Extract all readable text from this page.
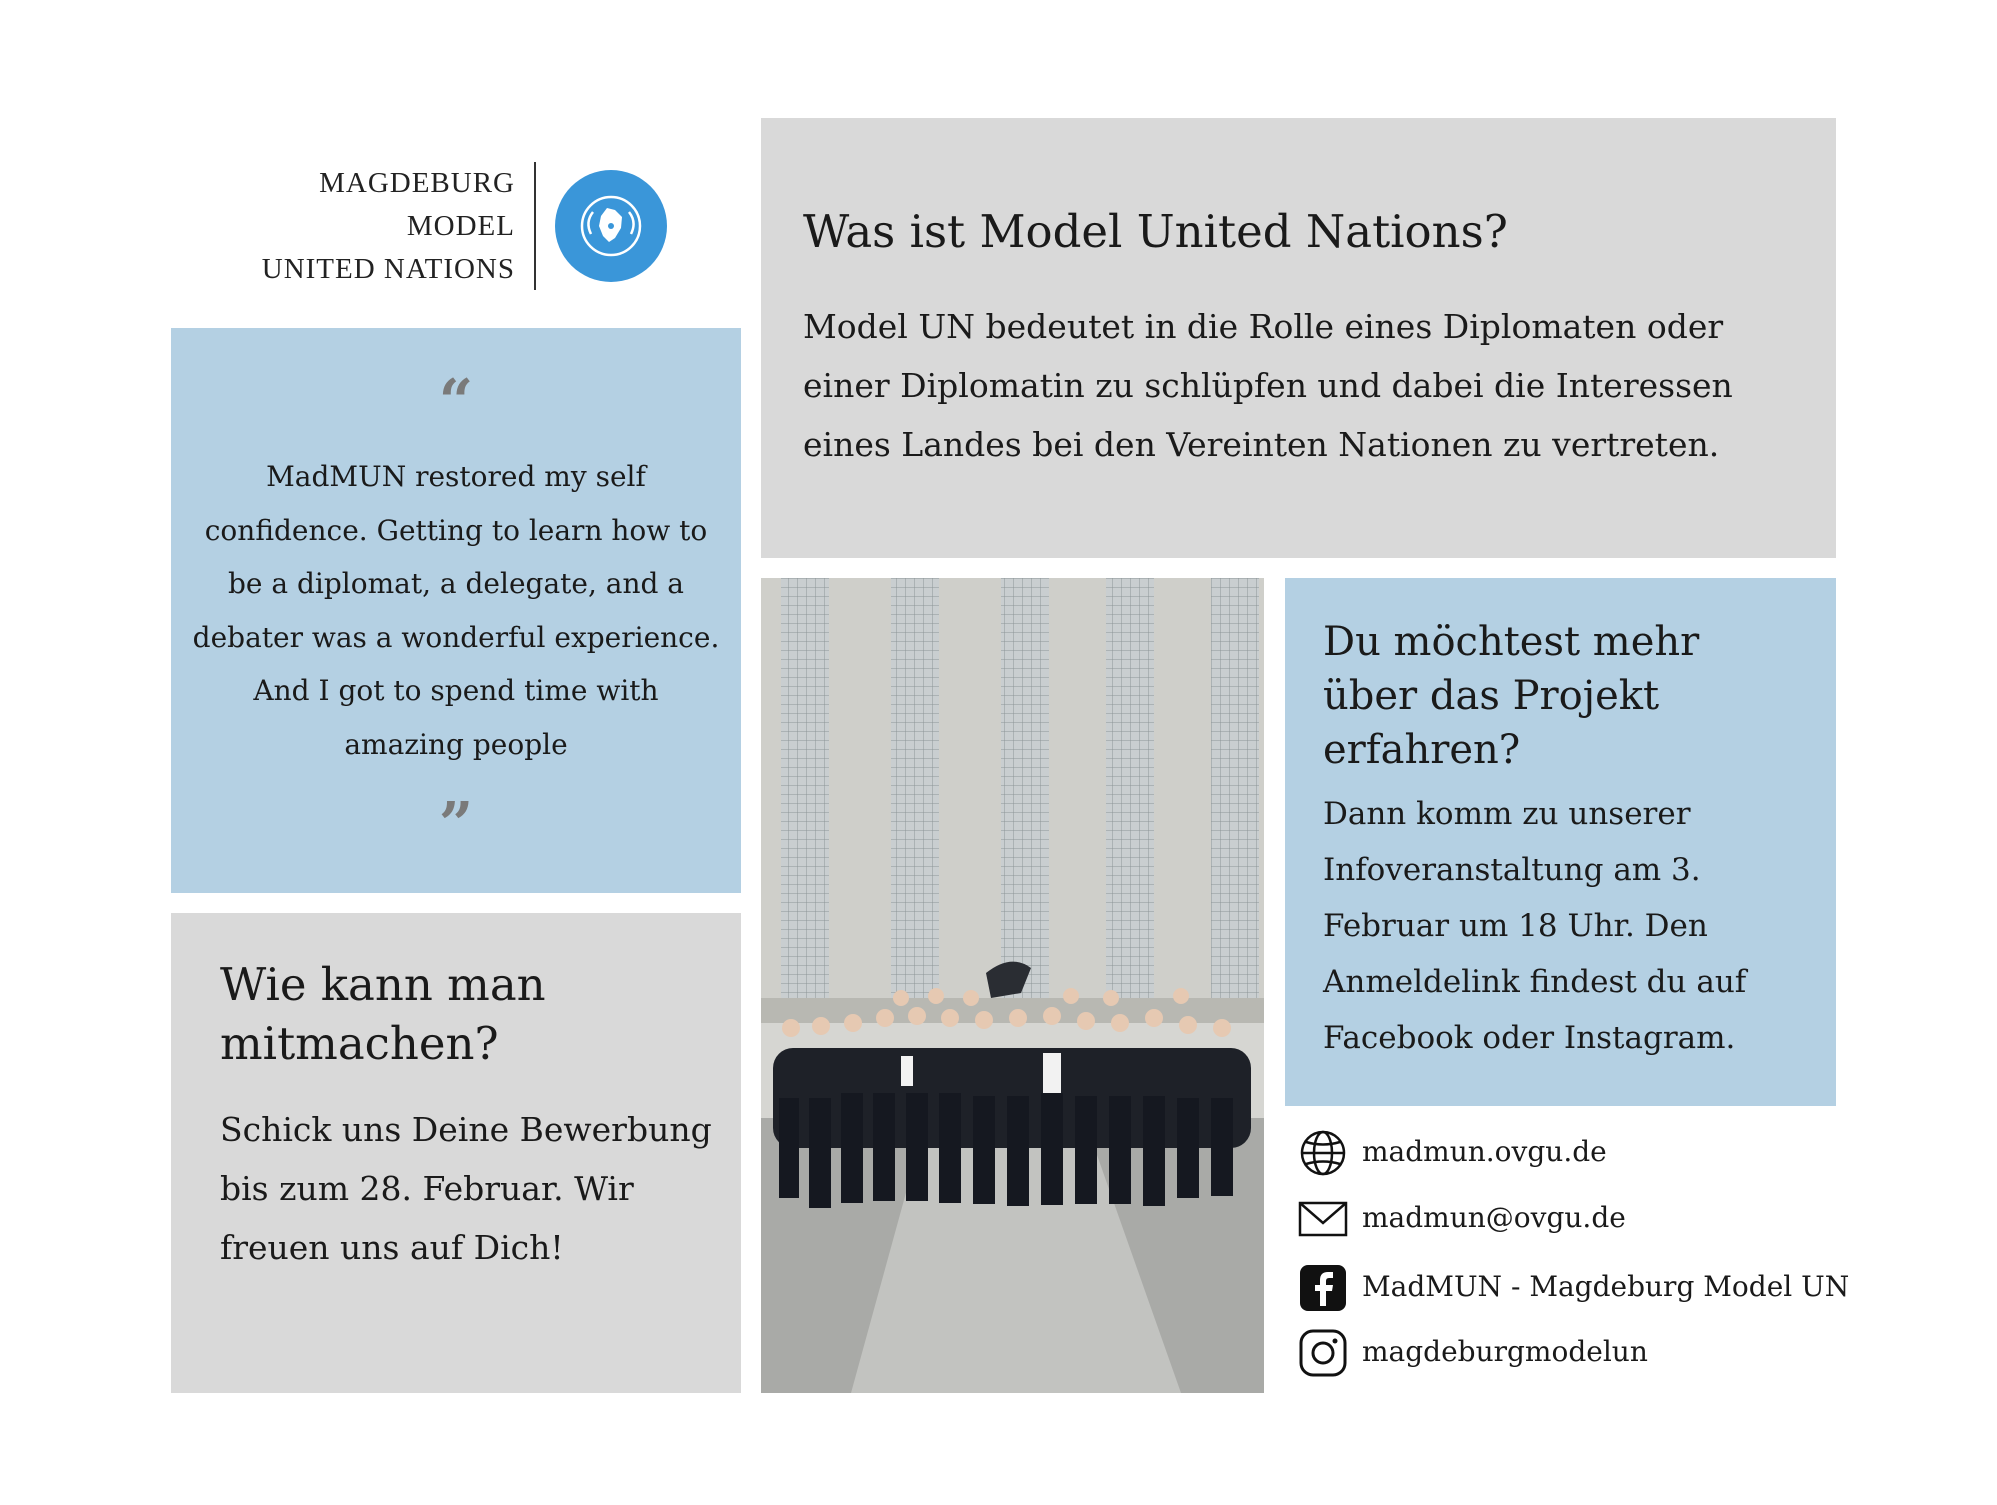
MAGDEBURG
MODEL
UNITED NATIONS
Was ist Model United Nations?
Model UN bedeutet in die Rolle eines Diplomaten oder einer Diplomatin zu schlüpfen und dabei die Interessen eines Landes bei den Vereinten Nationen zu vertreten.
“
MadMUN restored my self confidence. Getting to learn how to be a diplomat, a delegate, and a debater was a wonderful experience. And I got to spend time with amazing people
”
Wie kann man mitmachen?
Schick uns Deine Bewerbung bis zum 28. Februar. Wir freuen uns auf Dich!
Du möchtest mehr über das Projekt erfahren?
Dann komm zu unserer Infoveranstaltung am 3. Februar um 18 Uhr. Den Anmeldelink findest du auf Facebook oder Instagram.
madmun.ovgu.de
madmun@ovgu.de
MadMUN - Magdeburg Model UN
magdeburgmodelun
